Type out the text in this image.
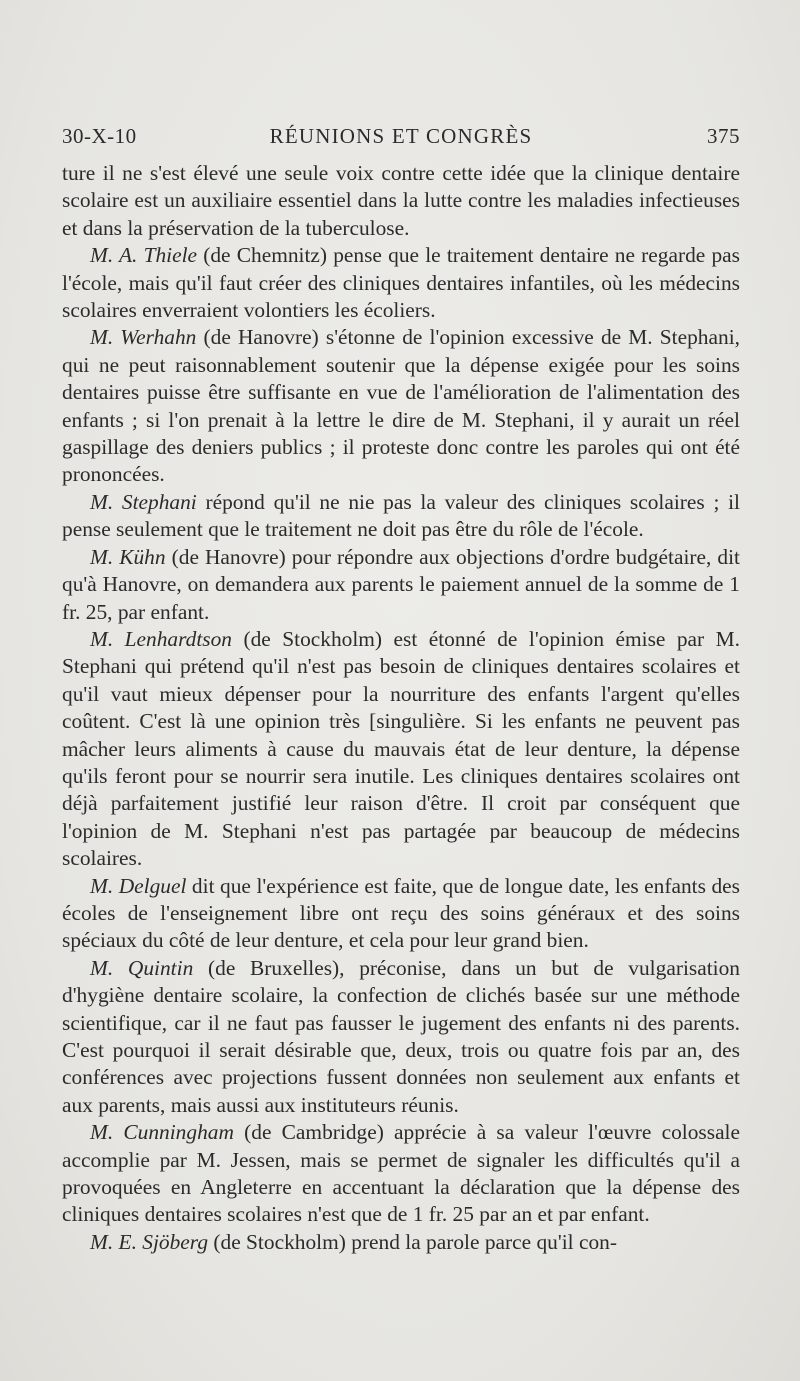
30-X-10	RÉUNIONS ET CONGRÈS	375

ture il ne s'est élevé une seule voix contre cette idée que la clinique dentaire scolaire est un auxiliaire essentiel dans la lutte contre les maladies infectieuses et dans la préservation de la tuberculose.

M. A. Thiele (de Chemnitz) pense que le traitement dentaire ne regarde pas l'école, mais qu'il faut créer des cliniques dentaires infantiles, où les médecins scolaires enverraient volontiers les écoliers.

M. Werhahn (de Hanovre) s'étonne de l'opinion excessive de M. Stephani, qui ne peut raisonnablement soutenir que la dépense exigée pour les soins dentaires puisse être suffisante en vue de l'amélioration de l'alimentation des enfants ; si l'on prenait à la lettre le dire de M. Stephani, il y aurait un réel gaspillage des deniers publics ; il proteste donc contre les paroles qui ont été prononcées.

M. Stephani répond qu'il ne nie pas la valeur des cliniques scolaires ; il pense seulement que le traitement ne doit pas être du rôle de l'école.

M. Kühn (de Hanovre) pour répondre aux objections d'ordre budgétaire, dit qu'à Hanovre, on demandera aux parents le paiement annuel de la somme de 1 fr. 25, par enfant.

M. Lenhardtson (de Stockholm) est étonné de l'opinion émise par M. Stephani qui prétend qu'il n'est pas besoin de cliniques dentaires scolaires et qu'il vaut mieux dépenser pour la nourriture des enfants l'argent qu'elles coûtent. C'est là une opinion très [singulière. Si les enfants ne peuvent pas mâcher leurs aliments à cause du mauvais état de leur denture, la dépense qu'ils feront pour se nourrir sera inutile. Les cliniques dentaires scolaires ont déjà parfaitement justifié leur raison d'être. Il croit par conséquent que l'opinion de M. Stephani n'est pas partagée par beaucoup de médecins scolaires.

M. Delguel dit que l'expérience est faite, que de longue date, les enfants des écoles de l'enseignement libre ont reçu des soins généraux et des soins spéciaux du côté de leur denture, et cela pour leur grand bien.

M. Quintin (de Bruxelles), préconise, dans un but de vulgarisation d'hygiène dentaire scolaire, la confection de clichés basée sur une méthode scientifique, car il ne faut pas fausser le jugement des enfants ni des parents. C'est pourquoi il serait désirable que, deux, trois ou quatre fois par an, des conférences avec projections fussent données non seulement aux enfants et aux parents, mais aussi aux instituteurs réunis.

M. Cunningham (de Cambridge) apprécie à sa valeur l'œuvre colossale accomplie par M. Jessen, mais se permet de signaler les difficultés qu'il a provoquées en Angleterre en accentuant la déclaration que la dépense des cliniques dentaires scolaires n'est que de 1 fr. 25 par an et par enfant.

M. E. Sjöberg (de Stockholm) prend la parole parce qu'il con-
